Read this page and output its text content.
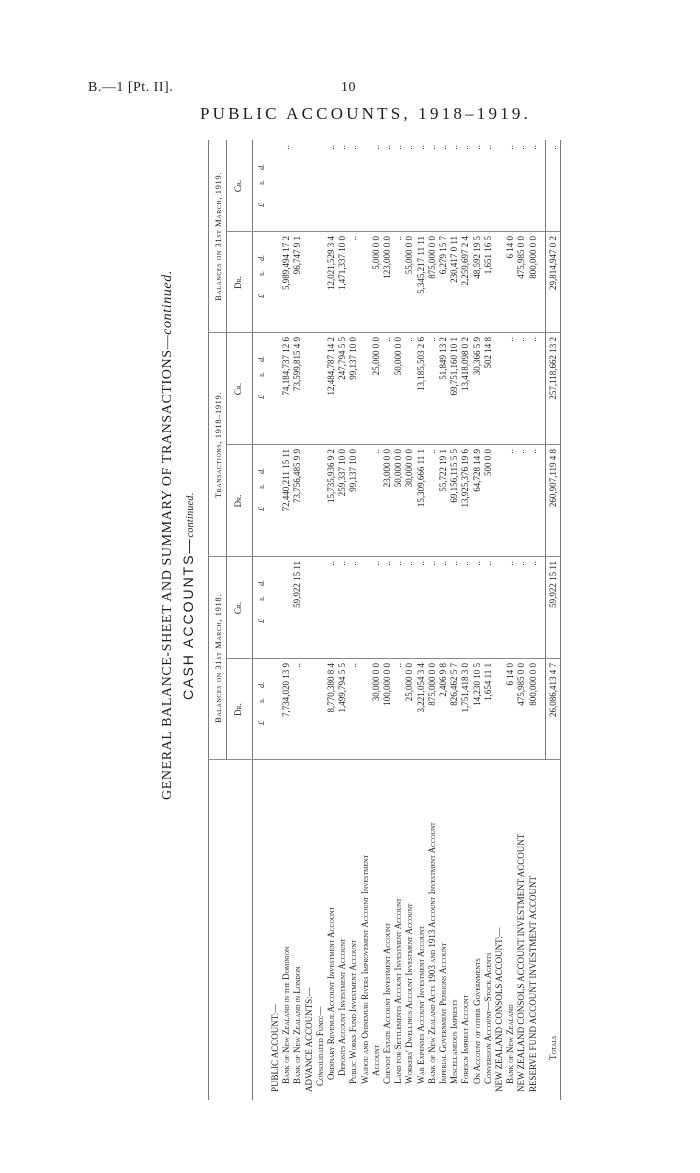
B.—1 [Pt. II].	10
PUBLIC ACCOUNTS, 1918–1919.
GENERAL BALANCE-SHEET AND SUMMARY OF TRANSACTIONS—continued.
CASH ACCOUNTS—continued.
Balances on 31st March, 1918.
Transactions, 1918–1919.
Balances on 31st March, 1919.
Dr.
Cr.
Dr.
Cr.
Dr.
Cr.
£   s.  d.
£   s.  d.
£   s.  d.
£   s.  d.
£   s.  d.
£   s.  d.
PUBLIC ACCOUNT:— Bank of New Zealand in the Dominion
7,734,020 13 9
72,440,211 15 11
74,184,737 12 6
5,989,494 17 2
..
Bank of New Zealand in London
..
59,922 15 11
73,756,485 9 9
73,599,815 4 9
96,747 9 1
ADVANCE ACCOUNTS:— Consolidated Fund:— Ordinary Revenue Account Investment Account
8,770,380 8 4
..
15,735,936 9 2
12,484,787 14 2
12,021,529 3 4
..
Deposits Account Investment Account
1,499,794 5 5
..
259,337 10 0
247,794 5 5
1,471,337 10 0
..
Public Works Fund Investment Account
..
..
99,137 10 0
99,137 10 0
..
..
Waihou and Ohinemuri Rivers Improvement Account Investment Account
30,000 0 0
..
..
25,000 0 0
5,000 0 0
..
Cheviot Estate Account Investment Account
100,000 0 0
..
23,000 0 0
..
123,000 0 0
..
Land for Settlements Account Investment Account
..
..
50,000 0 0
50,000 0 0
..
..
Workers' Dwellings Account Investment Account
25,000 0 0
..
30,000 0 0
..
55,000 0 0
..
War Expenses Account Investment Account
3,221,054 3 4
..
15,309,666 11 1
13,185,503 2 6
5,345,217 11 11
..
Bank of New Zealand Acts 1903 and 1913 Account Investment Account
875,000 0 0
..
..
..
875,000 0 0
..
Imperial Government Pensions Account
2,406 9 8
..
55,722 19 1
51,849 13 2
6,279 15 7
..
Miscellaneous Imprests
826,462 5 7
..
69,156,115 5 5
69,751,160 10 1
230,417 0 11
..
Foreign Imprest Account
1,751,418 3 0
..
13,925,376 19 6
13,418,098 0 2
2,259,697 2 4
..
On Account of other Governments
14,230 10 5
..
64,728 14 9
30,366 5 9
48,592 19 5
..
Conversion Account—Stock Agents
1,654 11 1
..
500 0 0
502 14 8
1,651 16 5
..
NEW ZEALAND CONSOLS ACCOUNT:— Bank of New Zealand
6 14 0
..
..
..
6 14 0
..
NEW ZEALAND CONSOLS ACCOUNT INVESTMENT ACCOUNT
475,985 0 0
..
..
..
475,985 0 0
..
RESERVE FUND ACCOUNT INVESTMENT ACCOUNT
800,000 0 0
..
..
..
800,000 0 0
..
Totals
26,086,413 4 7
59,922 15 11
260,907,119 4 8
257,118,662 13 2
29,814,947 0 2
..
